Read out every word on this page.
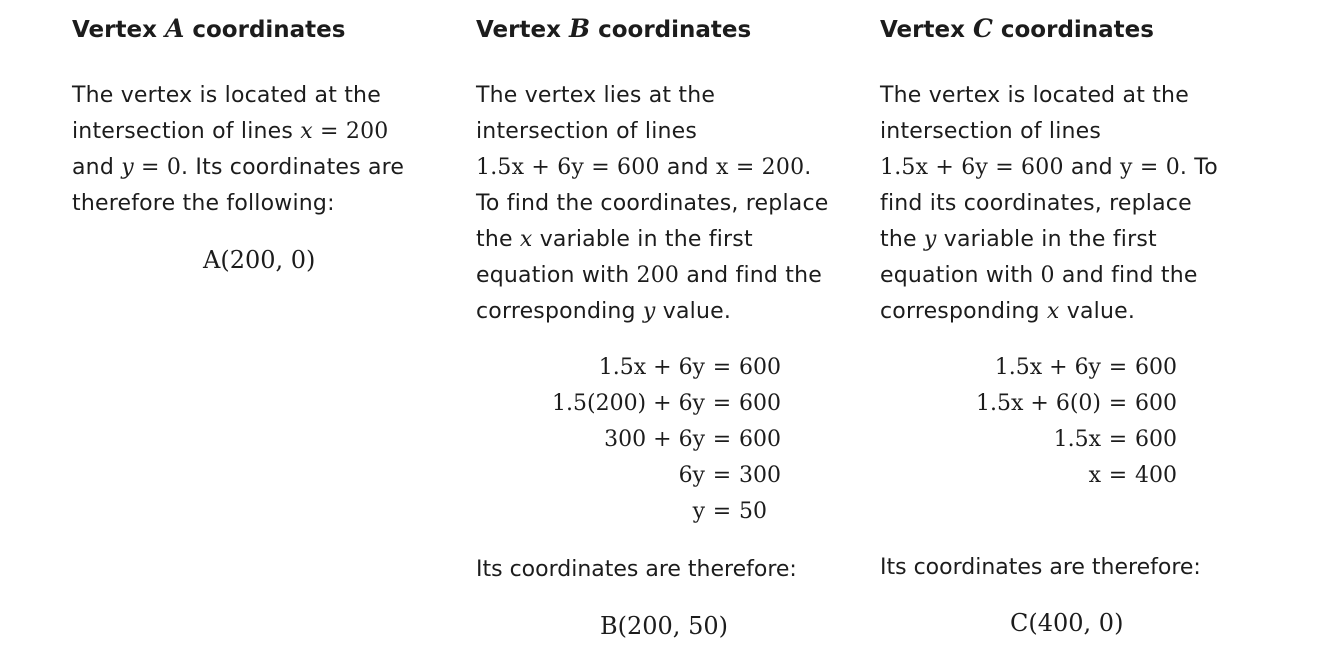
Vertex A coordinates

The vertex is located at the
intersection of lines x = 200
and y = 0. Its coordinates are
therefore the following:

A(200, 0)
Vertex B coordinates

The vertex lies at the
intersection of lines
1.5x + 6y = 600 and x = 200.
To find the coordinates, replace
the x variable in the first
equation with 200 and find the
corresponding y value.

1.5x + 6y = 600
1.5(200) + 6y = 600
300 + 6y = 600
6y = 300
y = 50

Its coordinates are therefore:

B(200, 50)
Vertex C coordinates

The vertex is located at the
intersection of lines
1.5x + 6y = 600 and y = 0. To
find its coordinates, replace
the y variable in the first
equation with 0 and find the
corresponding x value.

1.5x + 6y = 600
1.5x + 6(0) = 600
1.5x = 600
x = 400

Its coordinates are therefore:

C(400, 0)
